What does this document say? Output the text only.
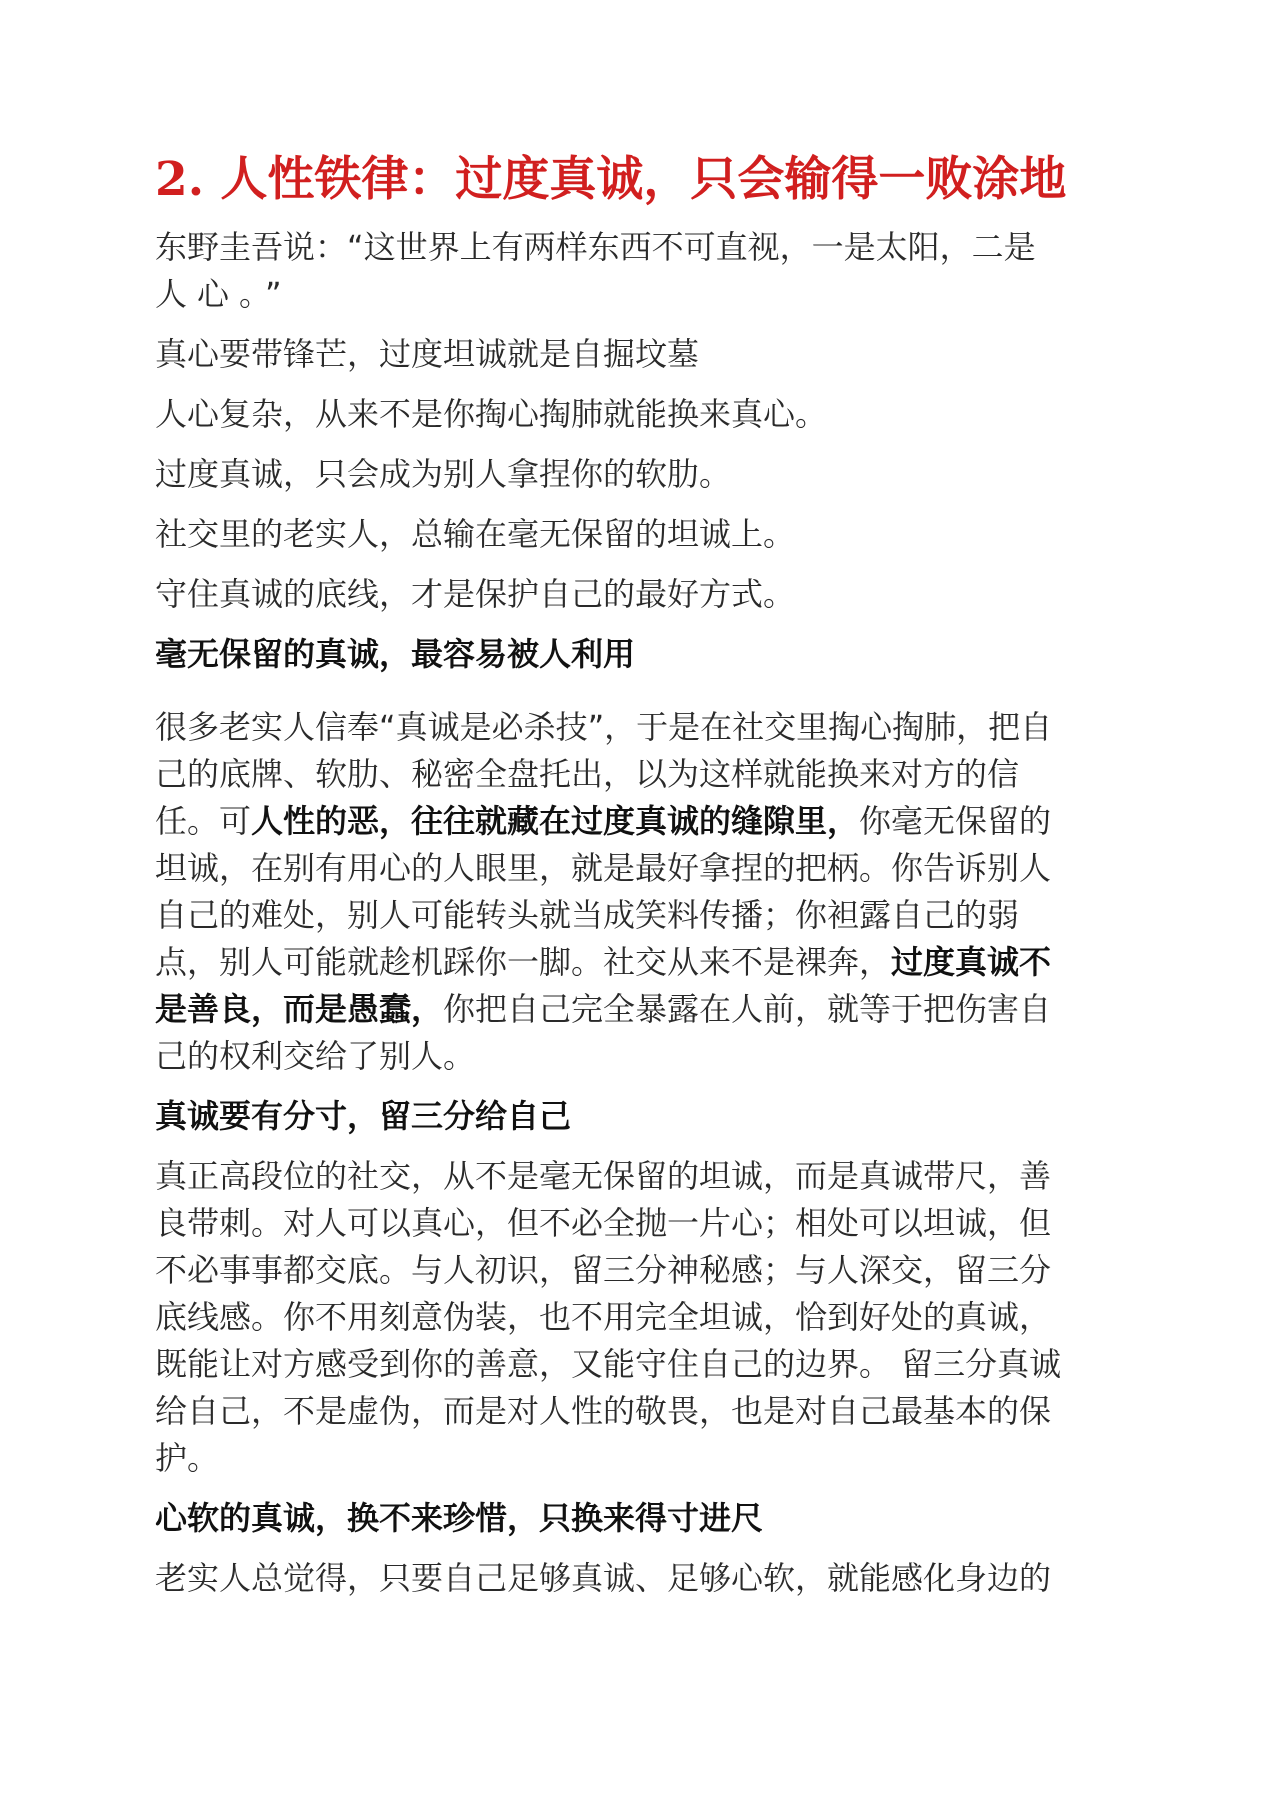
2. 人性铁律：过度真诚，只会输得一败涂地
东野圭吾说：“这世界上有两样东西不可直视，一是太阳，二是
人心。”

真心要带锋芒，过度坦诚就是自掘坟墓

人心复杂，从来不是你掏心掏肺就能换来真心。

过度真诚，只会成为别人拿捏你的软肋。

社交里的老实人，总输在毫无保留的坦诚上。

守住真诚的底线，才是保护自己的最好方式。

毫无保留的真诚，最容易被人利用
很多老实人信奉“真诚是必杀技”，于是在社交里掏心掏肺，把自
己的底牌、软肋、秘密全盘托出，以为这样就能换来对方的信
任。可人性的恶，往往就藏在过度真诚的缝隙里，你毫无保留的
坦诚，在别有用心的人眼里，就是最好拿捏的把柄。你告诉别人
自己的难处，别人可能转头就当成笑料传播；你袒露自己的弱
点，别人可能就趁机踩你一脚。社交从来不是裸奔，过度真诚不
是善良，而是愚蠢，你把自己完全暴露在人前，就等于把伤害自
己的权利交给了别人。
真诚要有分寸，留三分给自己
真正高段位的社交，从不是毫无保留的坦诚，而是真诚带尺，善
良带刺。对人可以真心，但不必全抛一片心；相处可以坦诚，但
不必事事都交底。与人初识，留三分神秘感；与人深交，留三分
底线感。你不用刻意伪装，也不用完全坦诚，恰到好处的真诚，
既能让对方感受到你的善意，又能守住自己的边界。 留三分真诚
给自己，不是虚伪，而是对人性的敬畏，也是对自己最基本的保
护。
心软的真诚，换不来珍惜，只换来得寸进尺
老实人总觉得，只要自己足够真诚、足够心软，就能感化身边的
